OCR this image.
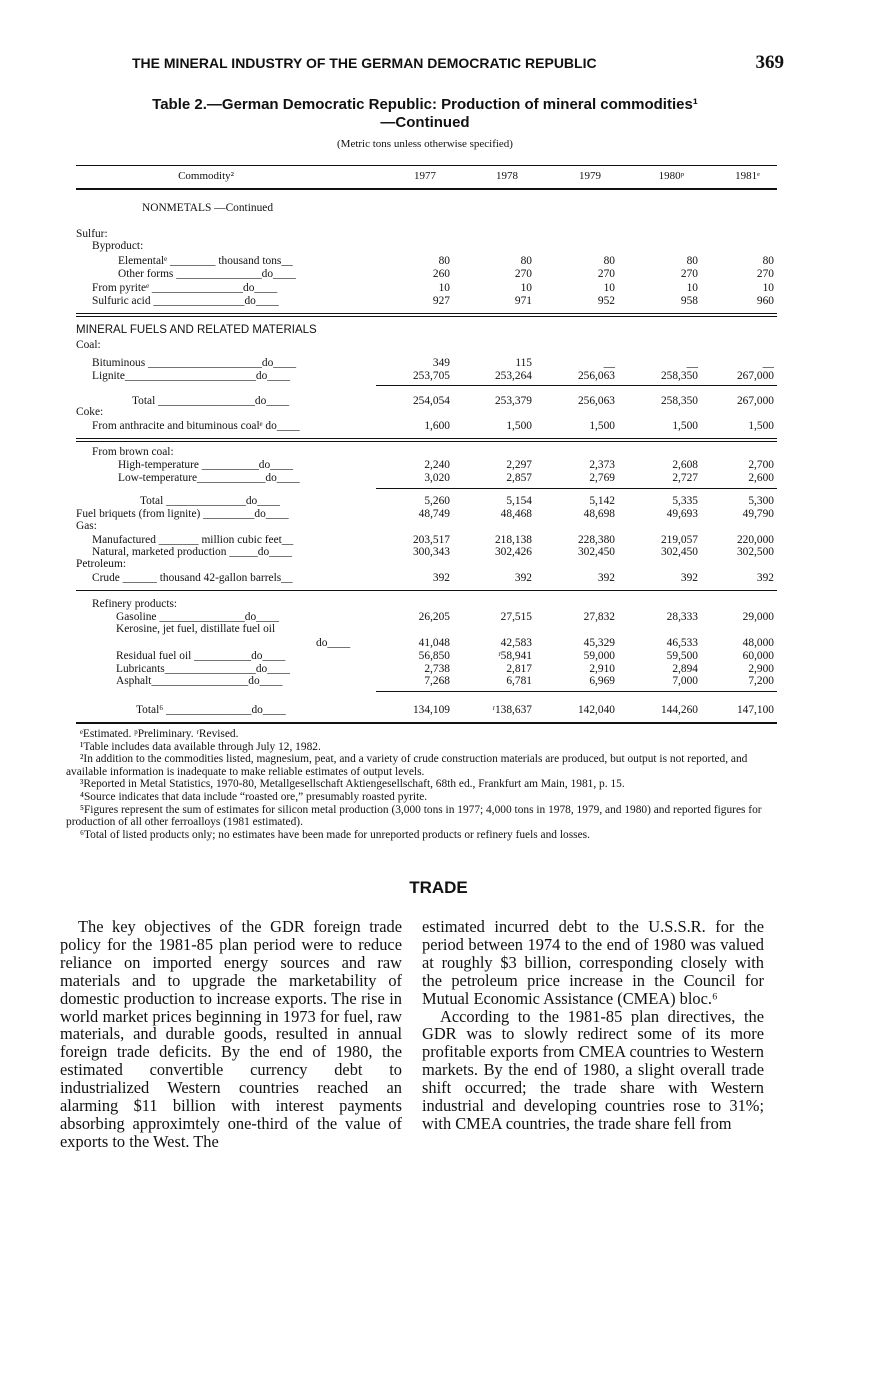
THE MINERAL INDUSTRY OF THE GERMAN DEMOCRATIC REPUBLIC	369
Table 2.—German Democratic Republic: Production of mineral commodities¹
—Continued
(Metric tons unless otherwise specified)
Commodity²	1977	1978	1979	1980ᵖ	1981ᵉ
NONMETALS —Continued
Sulfur:
Byproduct:
Elementalᵉ ________ thousand tons__	80	80	80	80	80
Other forms _______________do____	260	270	270	270	270
From pyriteᵉ ________________do____	10	10	10	10	10
Sulfuric acid ________________do____	927	971	952	958	960
MINERAL FUELS AND RELATED MATERIALS
Coal:
Bituminous ____________________do____	349	115	__	__	__
Lignite_______________________do____	253,705	253,264	256,063	258,350	267,000
Total _________________do____	254,054	253,379	256,063	258,350	267,000
Coke:
From anthracite and bituminous coalᵉ do____	1,600	1,500	1,500	1,500	1,500
From brown coal:
High-temperature __________do____	2,240	2,297	2,373	2,608	2,700
Low-temperature____________do____	3,020	2,857	2,769	2,727	2,600
Total ______________do____	5,260	5,154	5,142	5,335	5,300
Fuel briquets (from lignite) _________do____	48,749	48,468	48,698	49,693	49,790
Gas:
Manufactured _______ million cubic feet__	203,517	218,138	228,380	219,057	220,000
Natural, marketed production _____do____	300,343	302,426	302,450	302,450	302,500
Petroleum:
Crude ______ thousand 42-gallon barrels__	392	392	392	392	392
Refinery products:
Gasoline _______________do____	26,205	27,515	27,832	28,333	29,000
Kerosine, jet fuel, distillate fuel oil
do____	41,048	42,583	45,329	46,533	48,000
Residual fuel oil __________do____	56,850	ʳ58,941	59,000	59,500	60,000
Lubricants________________do____	2,738	2,817	2,910	2,894	2,900
Asphalt_________________do____	7,268	6,781	6,969	7,000	7,200
Total⁶ _______________do____	134,109	ʳ138,637	142,040	144,260	147,100

ᵉEstimated. ᵖPreliminary. ʳRevised.

¹Table includes data available through July 12, 1982.

²In addition to the commodities listed, magnesium, peat, and a variety of crude construction materials are produced, but output is not reported, and available information is inadequate to make reliable estimates of output levels.

³Reported in Metal Statistics, 1970-80, Metallgesellschaft Aktiengesellschaft, 68th ed., Frankfurt am Main, 1981, p. 15.

⁴Source indicates that data include “roasted ore,” presumably roasted pyrite.

⁵Figures represent the sum of estimates for silicon metal production (3,000 tons in 1977; 4,000 tons in 1978, 1979, and 1980) and reported figures for production of all other ferroalloys (1981 estimated).

⁶Total of listed products only; no estimates have been made for unreported products or refinery fuels and losses.

TRADE

The key objectives of the GDR foreign trade policy for the 1981-85 plan period were to reduce reliance on imported energy sources and raw materials and to upgrade the marketability of domestic production to increase exports. The rise in world market prices beginning in 1973 for fuel, raw materials, and durable goods, resulted in annual foreign trade deficits. By the end of 1980, the estimated convertible currency debt to industrialized Western countries reached an alarming $11 billion with interest payments absorbing approximtely one-third of the value of exports to the West. The

estimated incurred debt to the U.S.S.R. for the period between 1974 to the end of 1980 was valued at roughly $3 billion, corresponding closely with the petroleum price increase in the Council for Mutual Economic Assistance (CMEA) bloc.⁶

According to the 1981-85 plan directives, the GDR was to slowly redirect some of its more profitable exports from CMEA countries to Western markets. By the end of 1980, a slight overall trade shift occurred; the trade share with Western industrial and developing countries rose to 31%; with CMEA countries, the trade share fell from
